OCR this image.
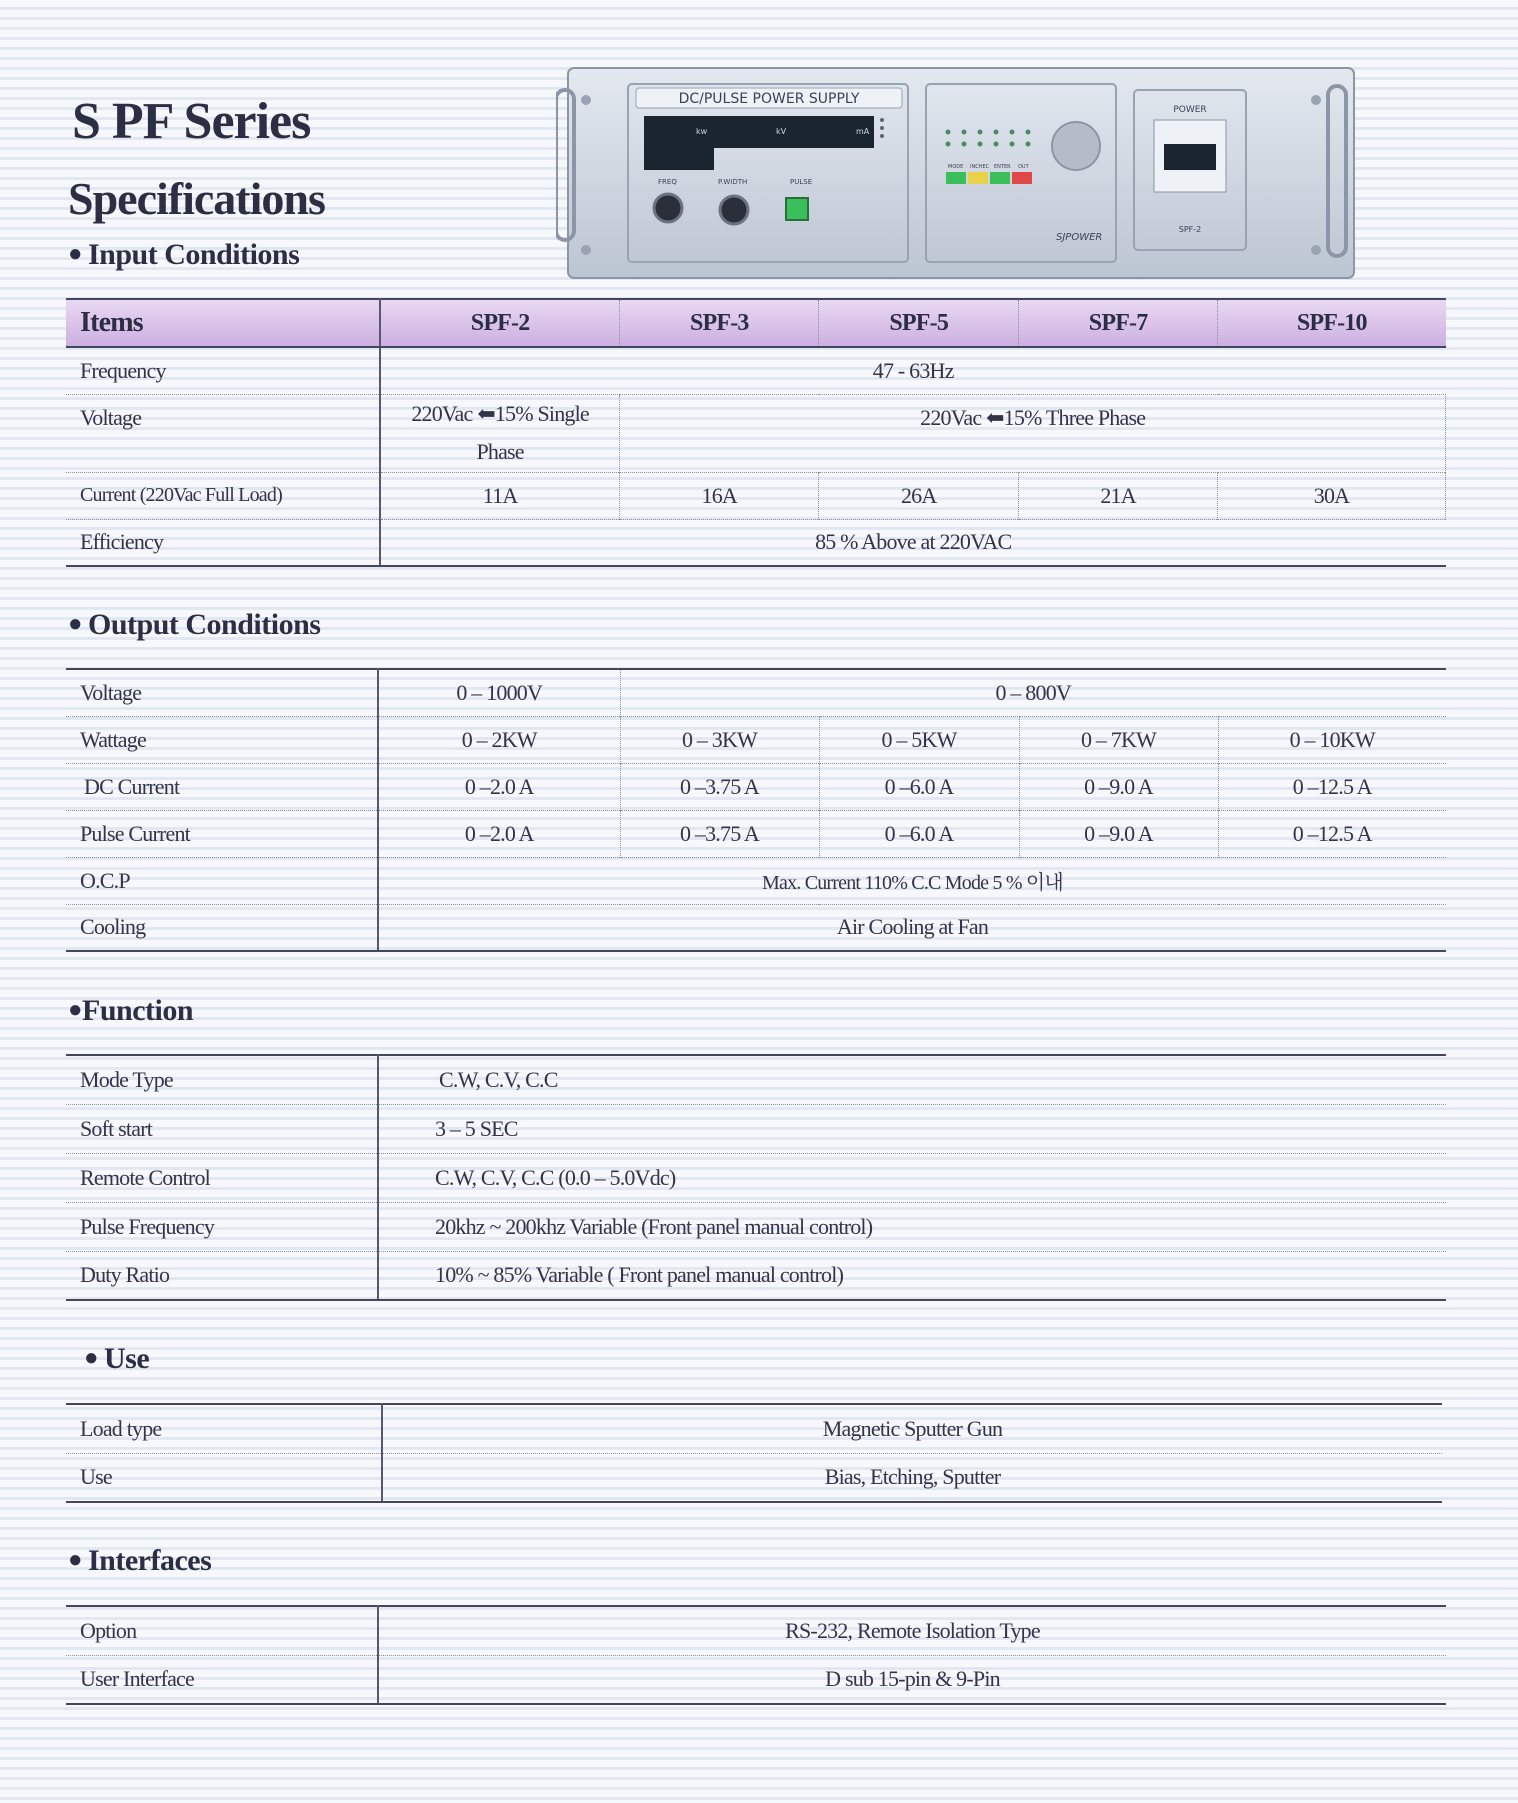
S PF Series
Specifications
DC/PULSE POWER SUPPLY
kw	kV	mA
FREQ	P.WIDTH	PULSE
MODE INCHEC ENTER OUT
SJPOWER
POWER
SPF-2
● Input Conditions
Items	SPF-2	SPF-3	SPF-5	SPF-7	SPF-10
Frequency	47 - 63Hz				
Voltage	220Vac ⬅15% Single Phase	220Vac ⬅15% Three Phase			
Current (220Vac Full Load)	11A	16A	26A	21A	30A
Efficiency	85 % Above at 220VAC				
● Output Conditions
Voltage	0 – 1000V	0 – 800V			
Wattage	0 – 2KW	0 – 3KW	0 – 5KW	0 – 7KW	0 – 10KW
DC Current	0 –2.0 A	0 –3.75 A	0 –6.0 A	0 –9.0 A	0 –12.5 A
Pulse Current	0 –2.0 A	0 –3.75 A	0 –6.0 A	0 –9.0 A	0 –12.5 A
O.C.P	Max. Current 110% C.C Mode 5 % 이내				
Cooling	Air Cooling at Fan				
●Function
Mode Type	C.W, C.V, C.C
Soft start	3 – 5 SEC
Remote Control	C.W, C.V, C.C (0.0 – 5.0Vdc)
Pulse Frequency	20khz ~ 200khz Variable (Front panel manual control)
Duty Ratio	10% ~ 85% Variable ( Front panel manual control)
● Use
Load type	Magnetic Sputter Gun
Use	Bias, Etching, Sputter
● Interfaces
Option	RS-232, Remote Isolation Type
User Interface	D sub 15-pin & 9-Pin
